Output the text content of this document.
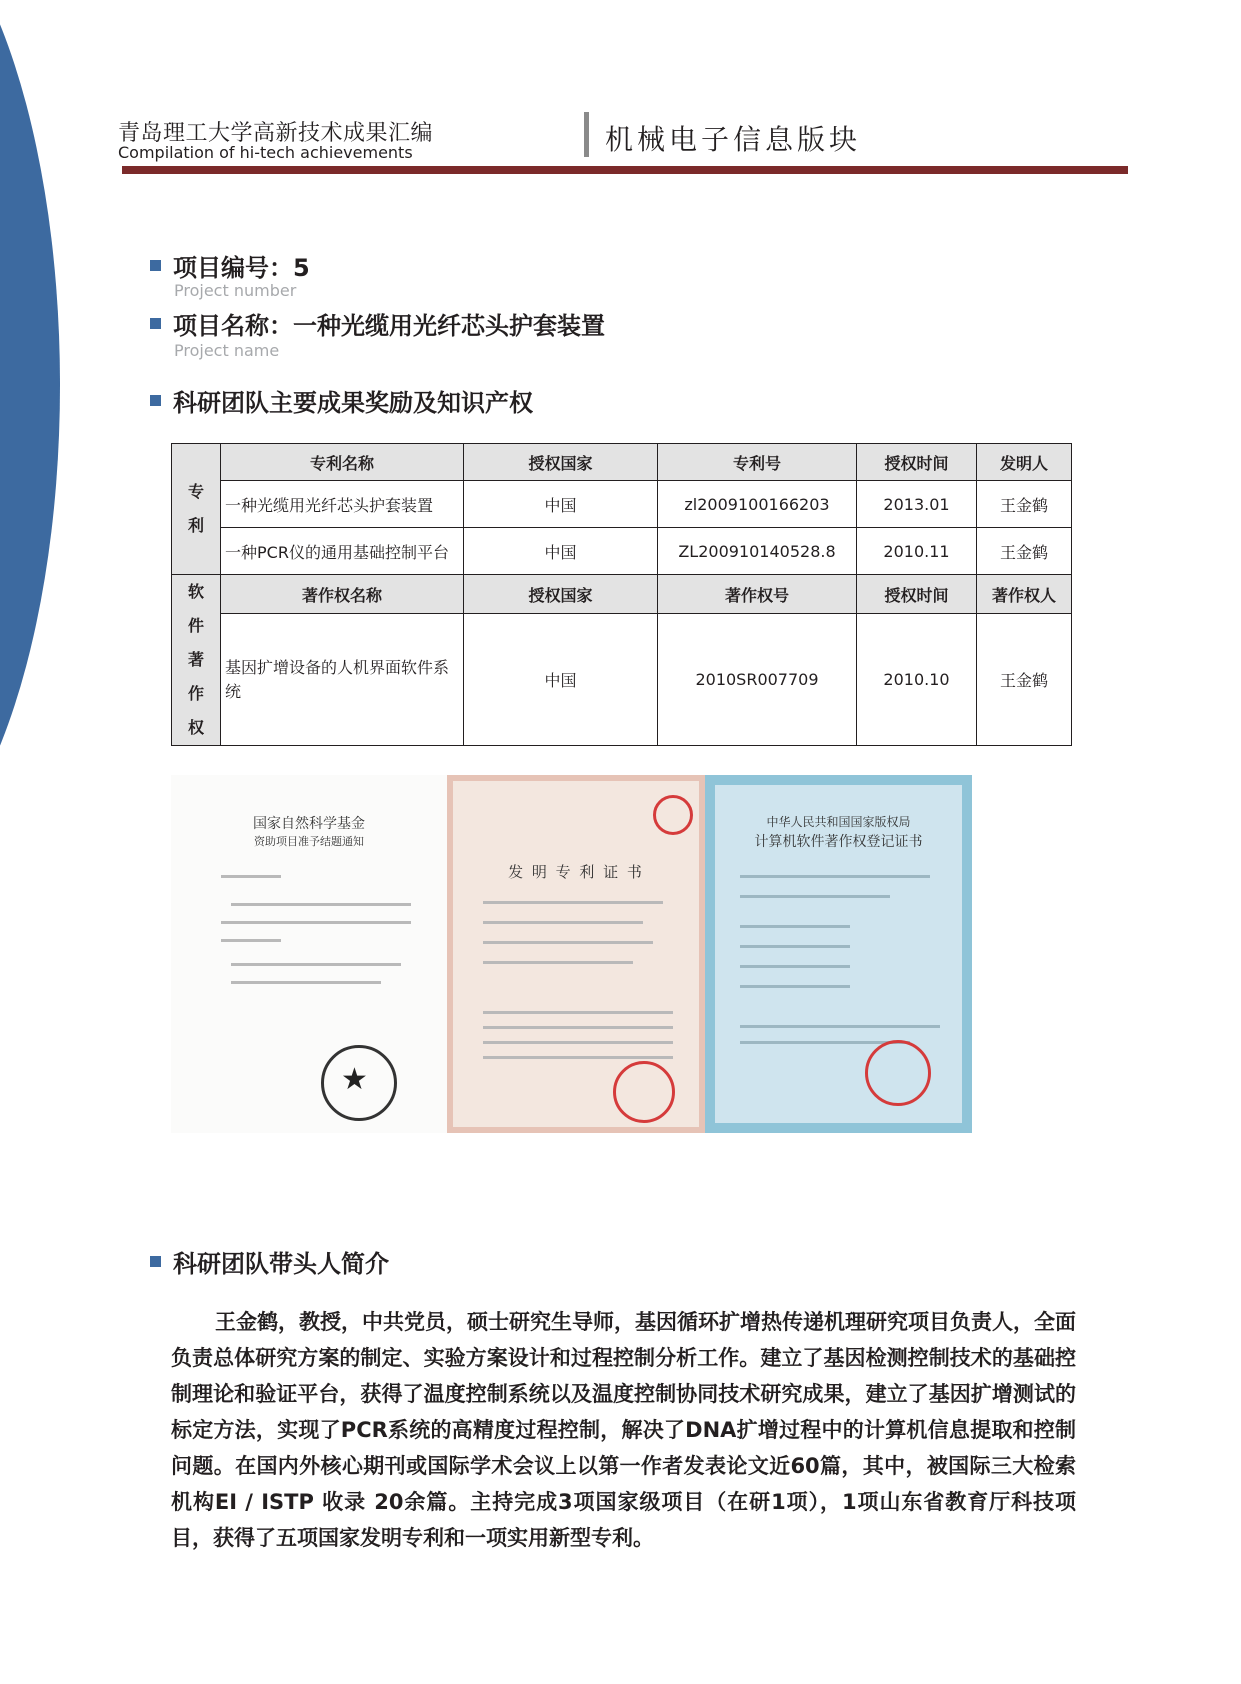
青岛理工大学高新技术成果汇编
Compilation of hi-tech achievements	机械电子信息版块
项目编号：5
Project number
项目名称：一种光缆用光纤芯头护套装置
Project name
科研团队主要成果奖励及知识产权
专
利	专利名称	授权国家	专利号	授权时间	发明人
	一种光缆用光纤芯头护套装置	中国	zl2009100166203	2013.01	王金鹤
	一种PCR仪的通用基础控制平台	中国	ZL200910140528.8	2010.11	王金鹤

软
件
著
作
权	著作权名称	授权国家	著作权号	授权时间	著作权人
	基因扩增设备的人机界面软件系统	中国	2010SR007709	2010.10	王金鹤
国家自然科学基金
资助项目准予结题通知
★
发 明 专 利 证 书
中华人民共和国国家版权局
计算机软件著作权登记证书
科研团队带头人简介
王金鹤，教授，中共党员，硕士研究生导师，基因循环扩增热传递机理研究项目负责人，全面负责总体研究方案的制定、实验方案设计和过程控制分析工作。建立了基因检测控制技术的基础控制理论和验证平台，获得了温度控制系统以及温度控制协同技术研究成果，建立了基因扩增测试的标定方法，实现了PCR系统的高精度过程控制，解决了DNA扩增过程中的计算机信息提取和控制问题。在国内外核心期刊或国际学术会议上以第一作者发表论文近60篇，其中，被国际三大检索机构EI / ISTP 收录 20余篇。主持完成3项国家级项目（在研1项），1项山东省教育厅科技项目，获得了五项国家发明专利和一项实用新型专利。
